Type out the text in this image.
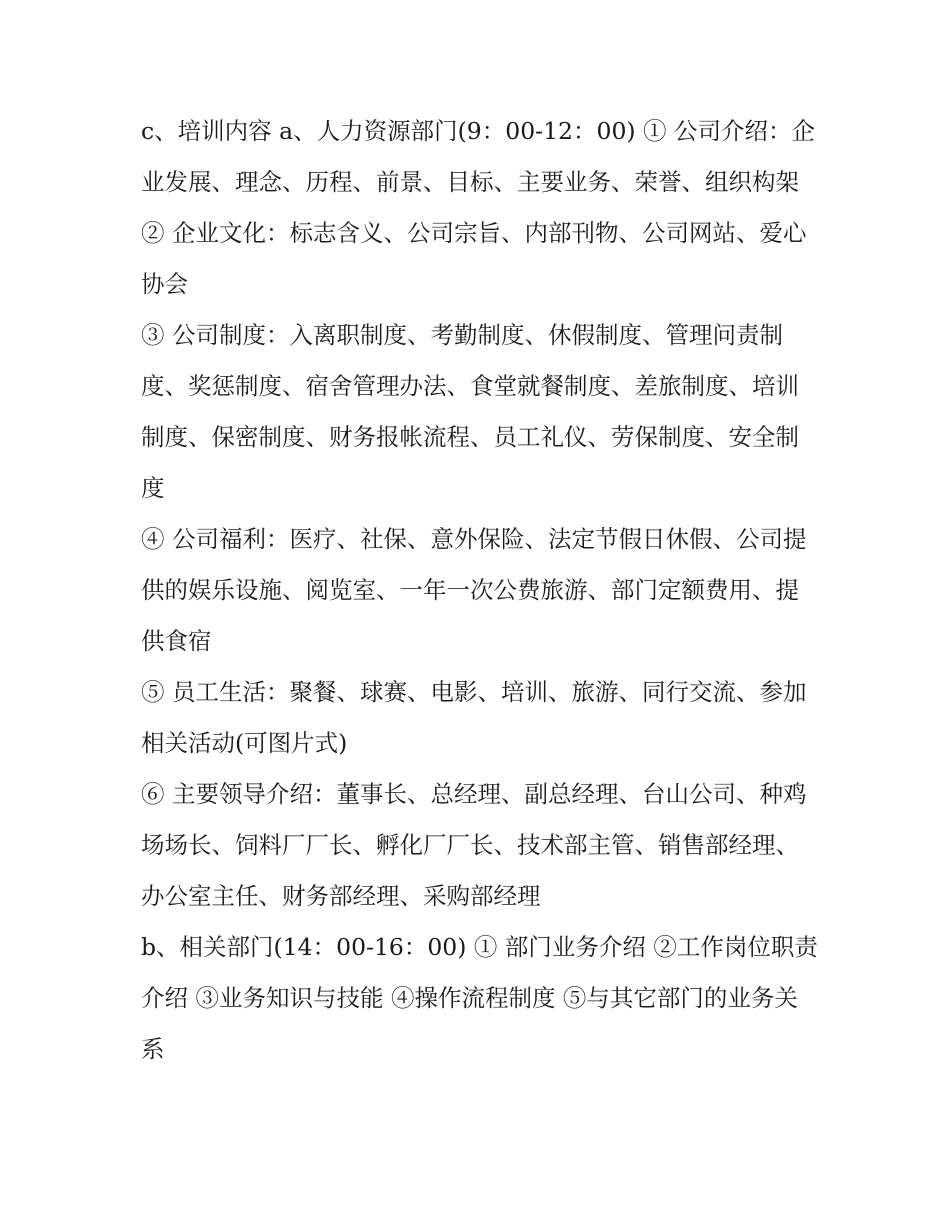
c、培训内容 a、人力资源部门(9：00-12：00) ① 公司介绍：企业发展、理念、历程、前景、目标、主要业务、荣誉、组织构架

② 企业文化：标志含义、公司宗旨、内部刊物、公司网站、爱心协会

③ 公司制度：入离职制度、考勤制度、休假制度、管理问责制度、奖惩制度、宿舍管理办法、食堂就餐制度、差旅制度、培训制度、保密制度、财务报帐流程、员工礼仪、劳保制度、安全制度

④ 公司福利：医疗、社保、意外保险、法定节假日休假、公司提供的娱乐设施、阅览室、一年一次公费旅游、部门定额费用、提供食宿

⑤ 员工生活：聚餐、球赛、电影、培训、旅游、同行交流、参加相关活动(可图片式)

⑥ 主要领导介绍：董事长、总经理、副总经理、台山公司、种鸡场场长、饲料厂厂长、孵化厂厂长、技术部主管、销售部经理、办公室主任、财务部经理、采购部经理

b、相关部门(14：00-16：00) ① 部门业务介绍 ②工作岗位职责介绍 ③业务知识与技能 ④操作流程制度 ⑤与其它部门的业务关系
